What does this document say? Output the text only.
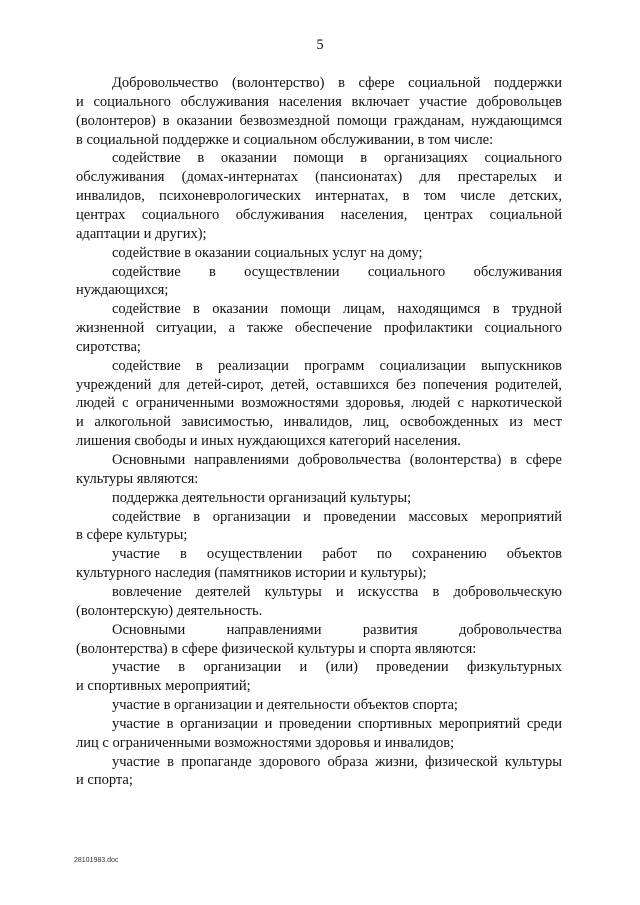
5
Добровольчество (волонтерство) в сфере социальной поддержки
и социального обслуживания населения включает участие добровольцев
(волонтеров) в оказании безвозмездной помощи гражданам, нуждающимся
в социальной поддержке и социальном обслуживании, в том числе:
содействие в оказании помощи в организациях социального
обслуживания (домах-интернатах (пансионатах) для престарелых и
инвалидов, психоневрологических интернатах, в том числе детских,
центрах социального обслуживания населения, центрах социальной
адаптации и других);
содействие в оказании социальных услуг на дому;
содействие в осуществлении социального обслуживания
нуждающихся;
содействие в оказании помощи лицам, находящимся в трудной
жизненной ситуации, а также обеспечение профилактики социального
сиротства;
содействие в реализации программ социализации выпускников
учреждений для детей-сирот, детей, оставшихся без попечения родителей,
людей с ограниченными возможностями здоровья, людей с наркотической
и алкогольной зависимостью, инвалидов, лиц, освобожденных из мест
лишения свободы и иных нуждающихся категорий населения.
Основными направлениями добровольчества (волонтерства) в сфере
культуры являются:
поддержка деятельности организаций культуры;
содействие в организации и проведении массовых мероприятий
в сфере культуры;
участие в осуществлении работ по сохранению объектов
культурного наследия (памятников истории и культуры);
вовлечение деятелей культуры и искусства в добровольческую
(волонтерскую) деятельность.
Основными направлениями развития добровольчества
(волонтерства) в сфере физической культуры и спорта являются:
участие в организации и (или) проведении физкультурных
и спортивных мероприятий;
участие в организации и деятельности объектов спорта;
участие в организации и проведении спортивных мероприятий среди
лиц с ограниченными возможностями здоровья и инвалидов;
участие в пропаганде здорового образа жизни, физической культуры
и спорта;
28101983.doc
